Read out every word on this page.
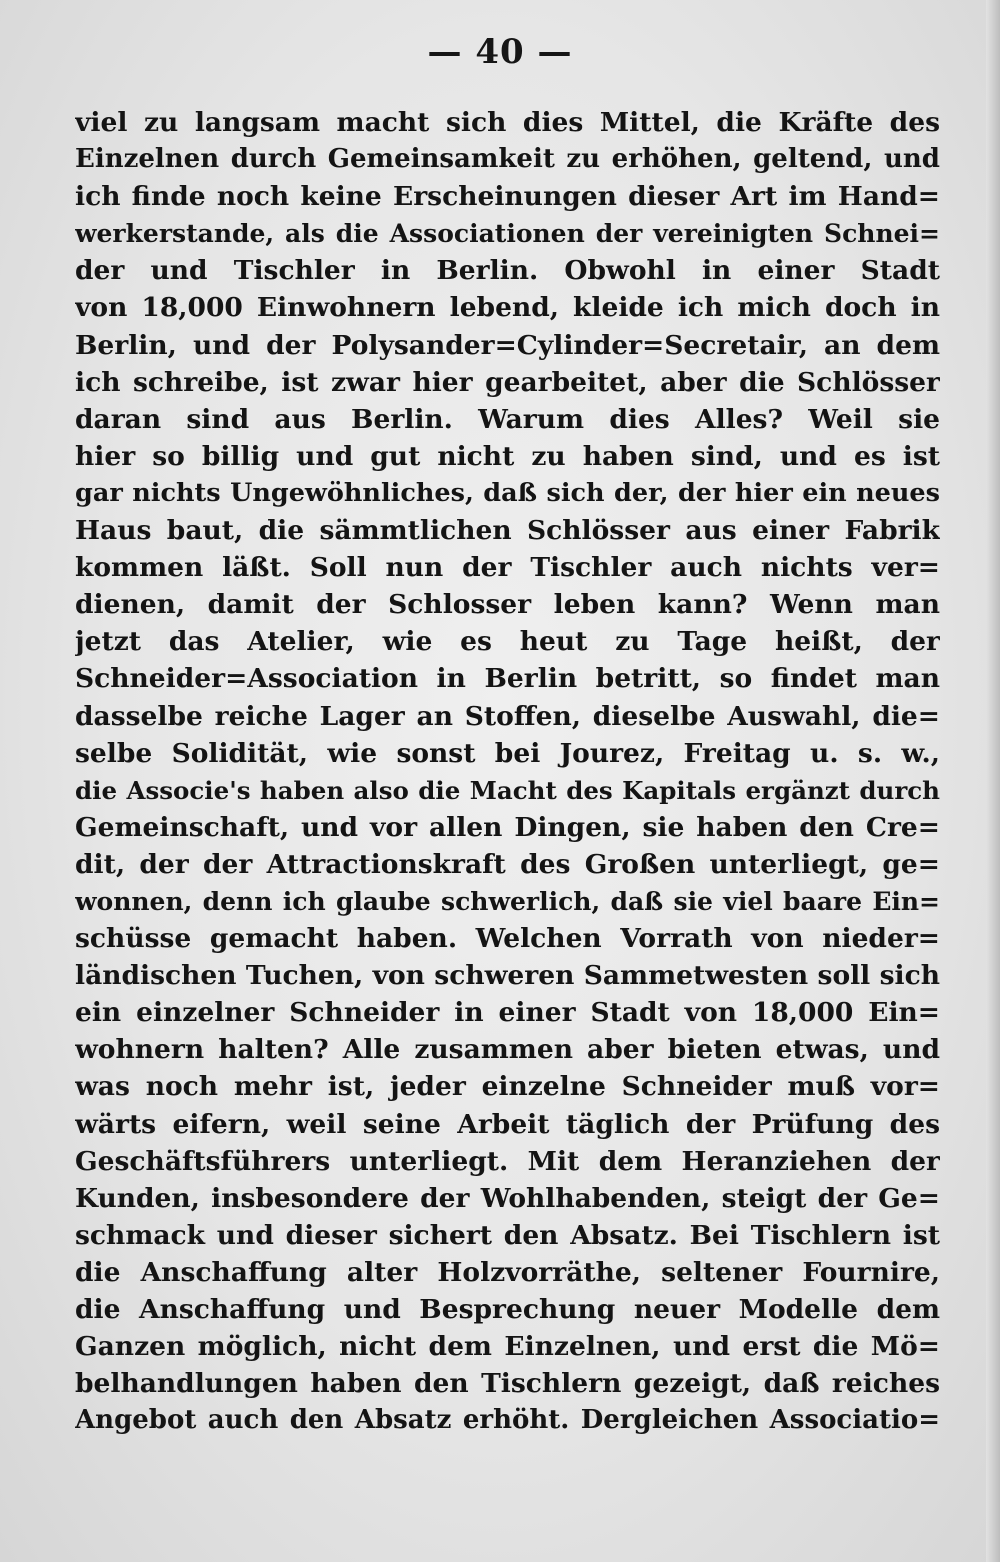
— 40 —
viel zu langsam macht sich dies Mittel, die Kräfte des
Einzelnen durch Gemeinsamkeit zu erhöhen, geltend, und
ich finde noch keine Erscheinungen dieser Art im Hand=
werkerstande, als die Associationen der vereinigten Schnei=
der und Tischler in Berlin. Obwohl in einer Stadt
von 18,000 Einwohnern lebend, kleide ich mich doch in
Berlin, und der Polysander=Cylinder=Secretair, an dem
ich schreibe, ist zwar hier gearbeitet, aber die Schlösser
daran sind aus Berlin. Warum dies Alles? Weil sie
hier so billig und gut nicht zu haben sind, und es ist
gar nichts Ungewöhnliches, daß sich der, der hier ein neues
Haus baut, die sämmtlichen Schlösser aus einer Fabrik
kommen läßt. Soll nun der Tischler auch nichts ver=
dienen, damit der Schlosser leben kann? Wenn man
jetzt das Atelier, wie es heut zu Tage heißt, der
Schneider=Association in Berlin betritt, so findet man
dasselbe reiche Lager an Stoffen, dieselbe Auswahl, die=
selbe Solidität, wie sonst bei Jourez, Freitag u. s. w.,
die Associe's haben also die Macht des Kapitals ergänzt durch
Gemeinschaft, und vor allen Dingen, sie haben den Cre=
dit, der der Attractionskraft des Großen unterliegt, ge=
wonnen, denn ich glaube schwerlich, daß sie viel baare Ein=
schüsse gemacht haben. Welchen Vorrath von nieder=
ländischen Tuchen, von schweren Sammetwesten soll sich
ein einzelner Schneider in einer Stadt von 18,000 Ein=
wohnern halten? Alle zusammen aber bieten etwas, und
was noch mehr ist, jeder einzelne Schneider muß vor=
wärts eifern, weil seine Arbeit täglich der Prüfung des
Geschäftsführers unterliegt. Mit dem Heranziehen der
Kunden, insbesondere der Wohlhabenden, steigt der Ge=
schmack und dieser sichert den Absatz. Bei Tischlern ist
die Anschaffung alter Holzvorräthe, seltener Fournire,
die Anschaffung und Besprechung neuer Modelle dem
Ganzen möglich, nicht dem Einzelnen, und erst die Mö=
belhandlungen haben den Tischlern gezeigt, daß reiches
Angebot auch den Absatz erhöht. Dergleichen Associatio=
